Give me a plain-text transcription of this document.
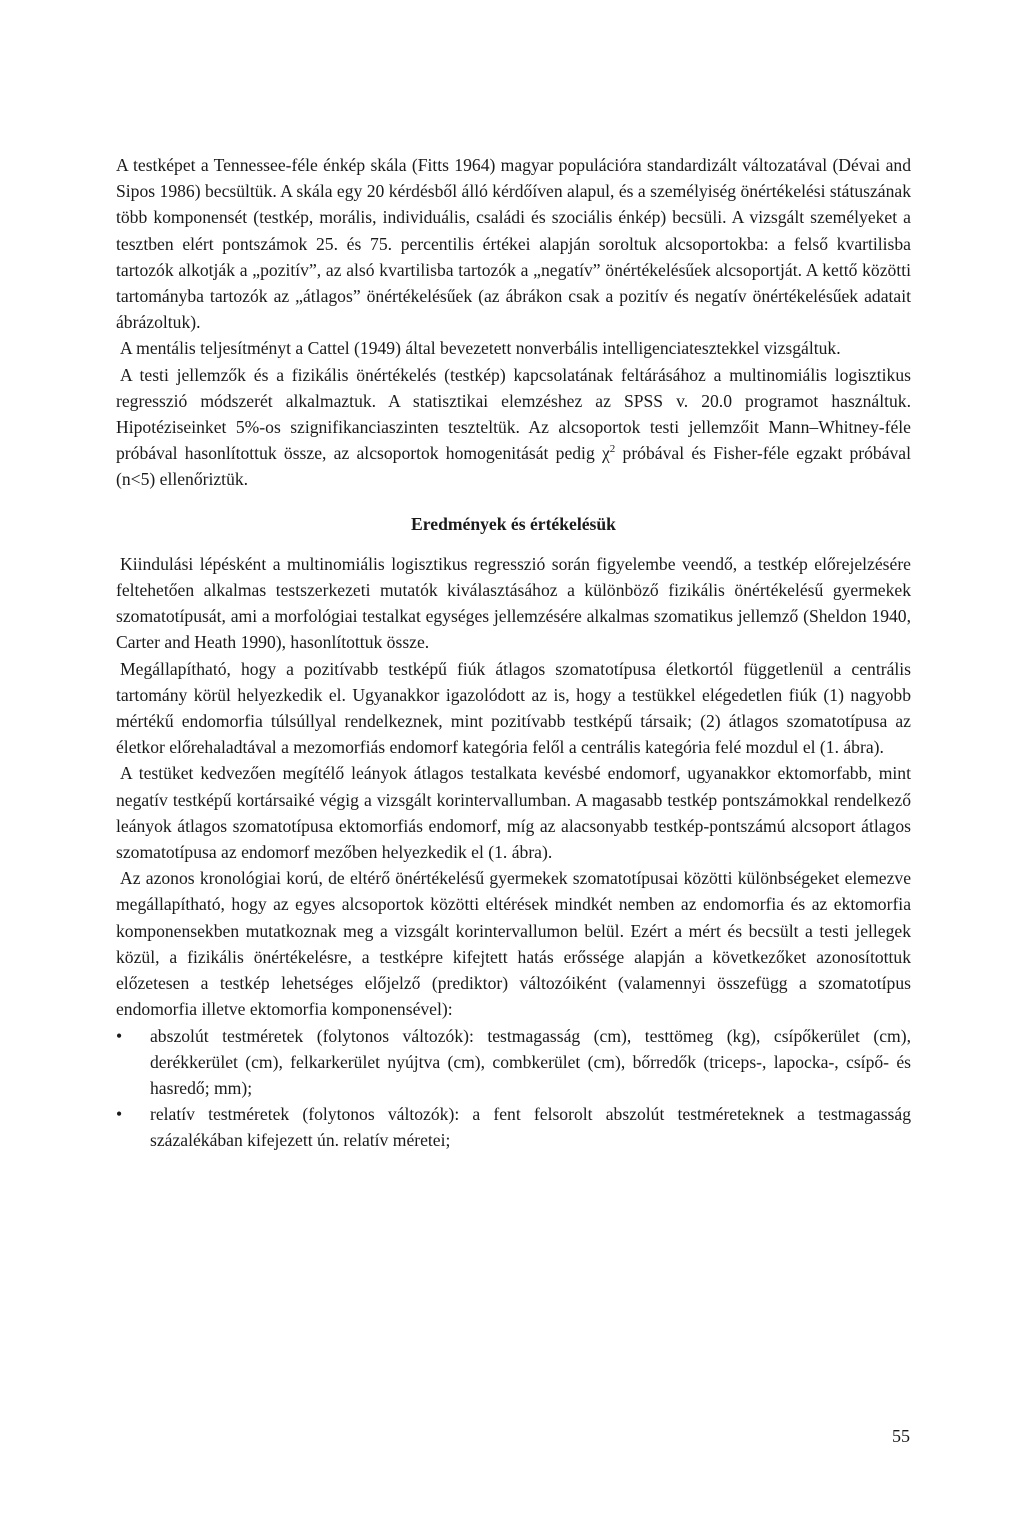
A testképet a Tennessee-féle énkép skála (Fitts 1964) magyar populációra standardizált változatával (Dévai and Sipos 1986) becsültük. A skála egy 20 kérdésből álló kérdőíven alapul, és a személyiség önértékelési státuszának több komponensét (testkép, morális, individuális, családi és szociális énkép) becsüli. A vizsgált személyeket a tesztben elért pontszámok 25. és 75. percentilis értékei alapján soroltuk alcsoportokba: a felső kvartilisba tartozók alkotják a „pozitív”, az alsó kvartilisba tartozók a „negatív” önértékelésűek alcsoportját. A kettő közötti tartományba tartozók az „átlagos” önértékelésűek (az ábrákon csak a pozitív és negatív önértékelésűek adatait ábrázoltuk).

A mentális teljesítményt a Cattel (1949) által bevezetett nonverbális intelligenciatesztekkel vizsgáltuk.

A testi jellemzők és a fizikális önértékelés (testkép) kapcsolatának feltárásához a multinomiális logisztikus regresszió módszerét alkalmaztuk. A statisztikai elemzéshez az SPSS v. 20.0 programot használtuk. Hipotéziseinket 5%-os szignifikanciaszinten teszteltük. Az alcsoportok testi jellemzőit Mann–Whitney-féle próbával hasonlítottuk össze, az alcsoportok homogenitását pedig $\chi^2$ próbával és Fisher-féle egzakt próbával (n<5) ellenőriztük.

Eredmények és értékelésük

Kiindulási lépésként a multinomiális logisztikus regresszió során figyelembe veendő, a testkép előrejelzésére feltehetően alkalmas testszerkezeti mutatók kiválasztásához a különböző fizikális önértékelésű gyermekek szomatotípusát, ami a morfológiai testalkat egységes jellemzésére alkalmas szomatikus jellemző (Sheldon 1940, Carter and Heath 1990), hasonlítottuk össze.

Megállapítható, hogy a pozitívabb testképű fiúk átlagos szomatotípusa életkortól függetlenül a centrális tartomány körül helyezkedik el. Ugyanakkor igazolódott az is, hogy a testükkel elégedetlen fiúk (1) nagyobb mértékű endomorfia túlsúllyal rendelkeznek, mint pozitívabb testképű társaik; (2) átlagos szomatotípusa az életkor előrehaladtával a mezomorfiás endomorf kategória felől a centrális kategória felé mozdul el (1. ábra).

A testüket kedvezően megítélő leányok átlagos testalkata kevésbé endomorf, ugyanakkor ektomorfabb, mint negatív testképű kortársaiké végig a vizsgált korintervallumban. A magasabb testkép pontszámokkal rendelkező leányok átlagos szomatotípusa ektomorfiás endomorf, míg az alacsonyabb testkép-pontszámú alcsoport átlagos szomatotípusa az endomorf mezőben helyezkedik el (1. ábra).

Az azonos kronológiai korú, de eltérő önértékelésű gyermekek szomatotípusai közötti különbségeket elemezve megállapítható, hogy az egyes alcsoportok közötti eltérések mindkét nemben az endomorfia és az ektomorfia komponensekben mutatkoznak meg a vizsgált korintervallumon belül. Ezért a mért és becsült a testi jellegek közül, a fizikális önértékelésre, a testképre kifejtett hatás erőssége alapján a következőket azonosítottuk előzetesen a testkép lehetséges előjelző (prediktor) változóiként (valamennyi összefügg a szomatotípus endomorfia illetve ektomorfia komponensével):

•	abszolút testméretek (folytonos változók): testmagasság (cm), testtömeg (kg), csípőkerület (cm), derékkerület (cm), felkarkerület nyújtva (cm), combkerület (cm), bőrredők (triceps-, lapocka-, csípő- és hasredő; mm);
•	relatív testméretek (folytonos változók): a fent felsorolt abszolút testméreteknek a testmagasság százalékában kifejezett ún. relatív méretei;
55
